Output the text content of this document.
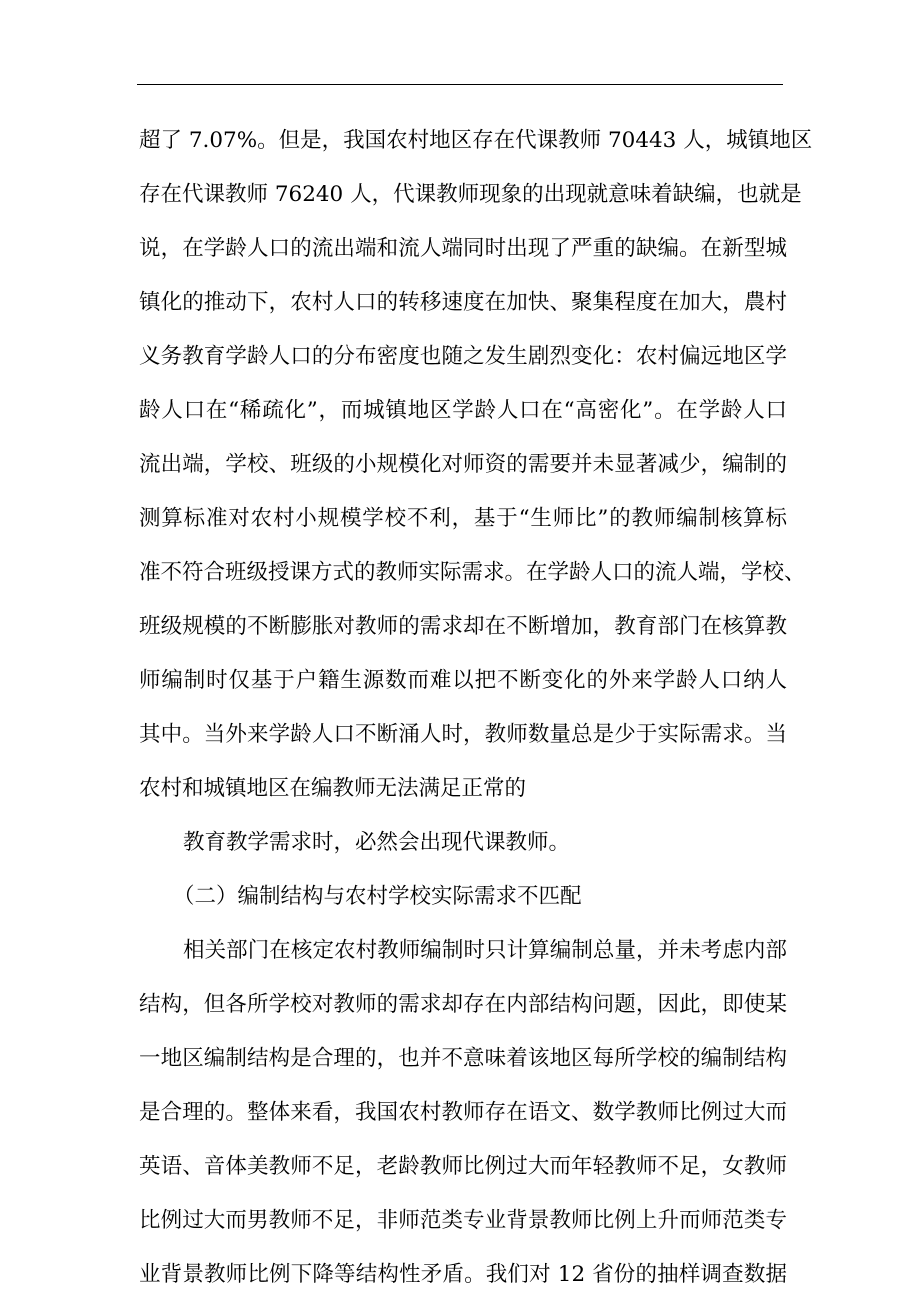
超了 7.07%。但是，我国农村地区存在代课教师 70443 人，城镇地区
存在代课教师 76240 人，代课教师现象的出现就意味着缺编，也就是
说，在学龄人口的流出端和流人端同时出现了严重的缺编。在新型城
镇化的推动下，农村人口的转移速度在加快、聚集程度在加大，農村
义务教育学龄人口的分布密度也随之发生剧烈变化：农村偏远地区学
龄人口在“稀疏化”，而城镇地区学龄人口在“高密化”。在学龄人口
流出端，学校、班级的小规模化对师资的需要并未显著减少，编制的
测算标准对农村小规模学校不利，基于“生师比”的教师编制核算标
准不符合班级授课方式的教师实际需求。在学龄人口的流人端，学校、
班级规模的不断膨胀对教师的需求却在不断增加，教育部门在核算教
师编制时仅基于户籍生源数而难以把不断变化的外来学龄人口纳人
其中。当外来学龄人口不断涌人时，教师数量总是少于实际需求。当
农村和城镇地区在编教师无法满足正常的
教育教学需求时，必然会出现代课教师。
（二）编制结构与农村学校实际需求不匹配
相关部门在核定农村教师编制时只计算编制总量，并未考虑内部
结构，但各所学校对教师的需求却存在内部结构问题，因此，即使某
一地区编制结构是合理的，也并不意味着该地区每所学校的编制结构
是合理的。整体来看，我国农村教师存在语文、数学教师比例过大而
英语、音体美教师不足，老龄教师比例过大而年轻教师不足，女教师
比例过大而男教师不足，非师范类专业背景教师比例上升而师范类专
业背景教师比例下降等结构性矛盾。我们对 12 省份的抽样调查数据
